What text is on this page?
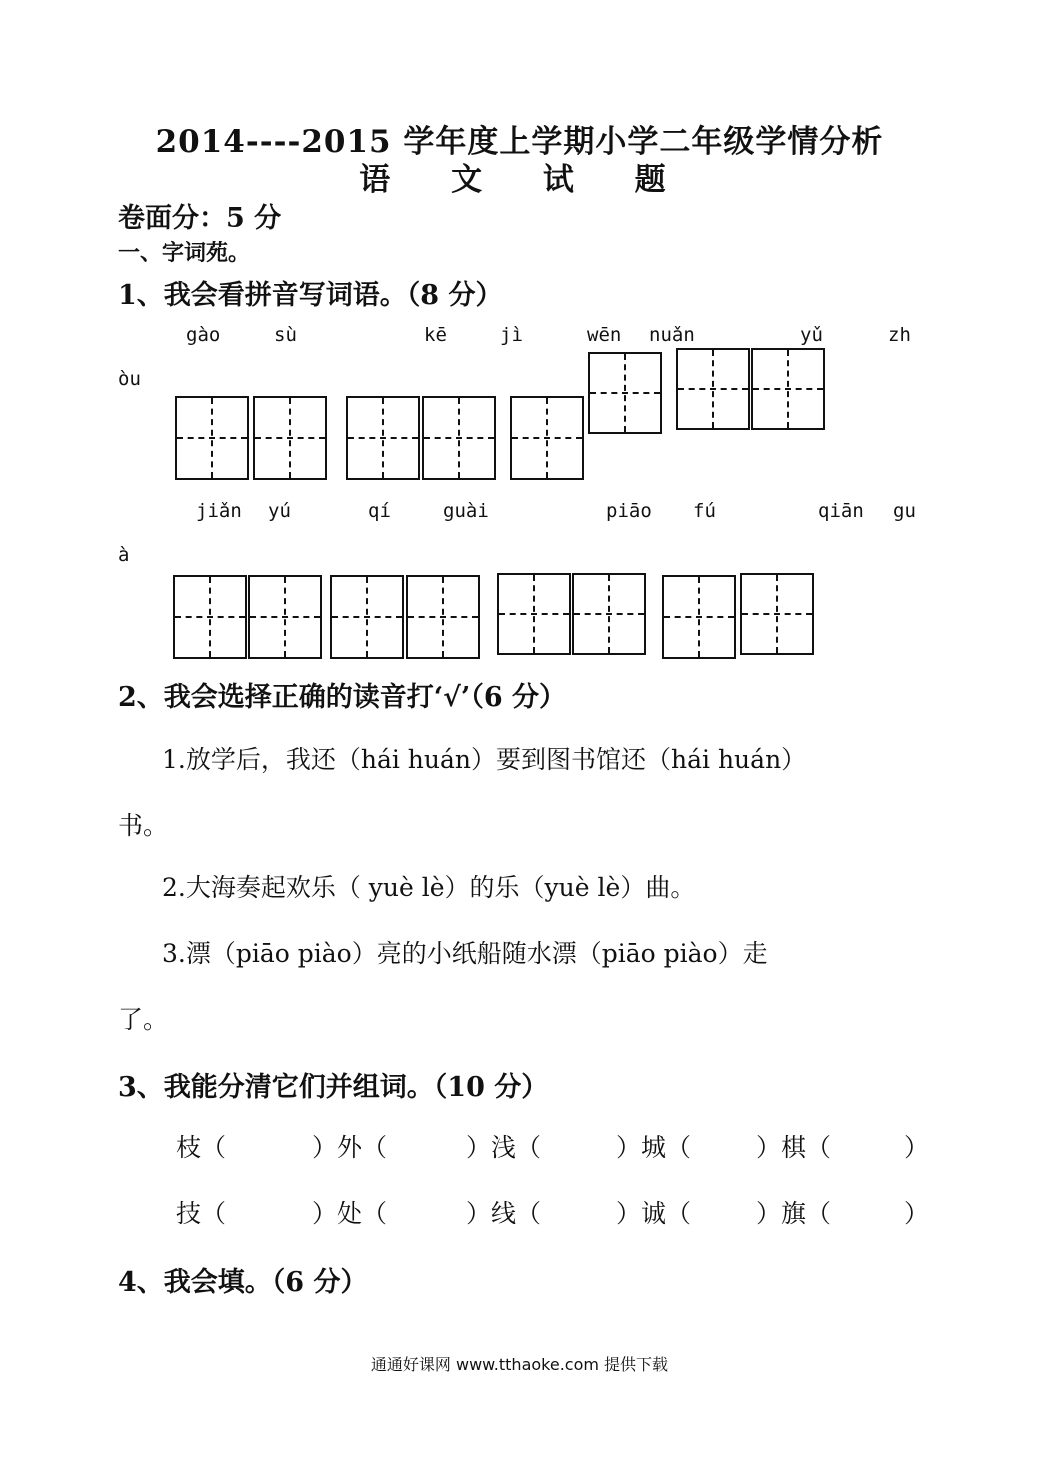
2014----2015 学年度上学期小学二年级学情分析
语 文 试 题
卷面分：5 分
一、字词苑。
1、我会看拼音写词语。（8 分）
gào	sù	kē	jì	wēn nuǎn	yǔ	zh
òu
jiǎn yú	qí	guài	piāo fú	qiān gu
à
2、我会选择正确的读音打‘√’（6 分）
1.放学后，我还（hái huán）要到图书馆还（hái huán）
书。
2.大海奏起欢乐（ yuè lè）的乐（yuè lè）曲。
3.漂（piāo piào）亮的小纸船随水漂（piāo piào）走
了。
3、我能分清它们并组词。（10 分）
枝（	）外（	）浅（	）城（	）棋（	）
技（	）处（	）线（	）诚（	）旗（	）
4、我会填。（6 分）
通通好课网 www.tthaoke.com 提供下载
